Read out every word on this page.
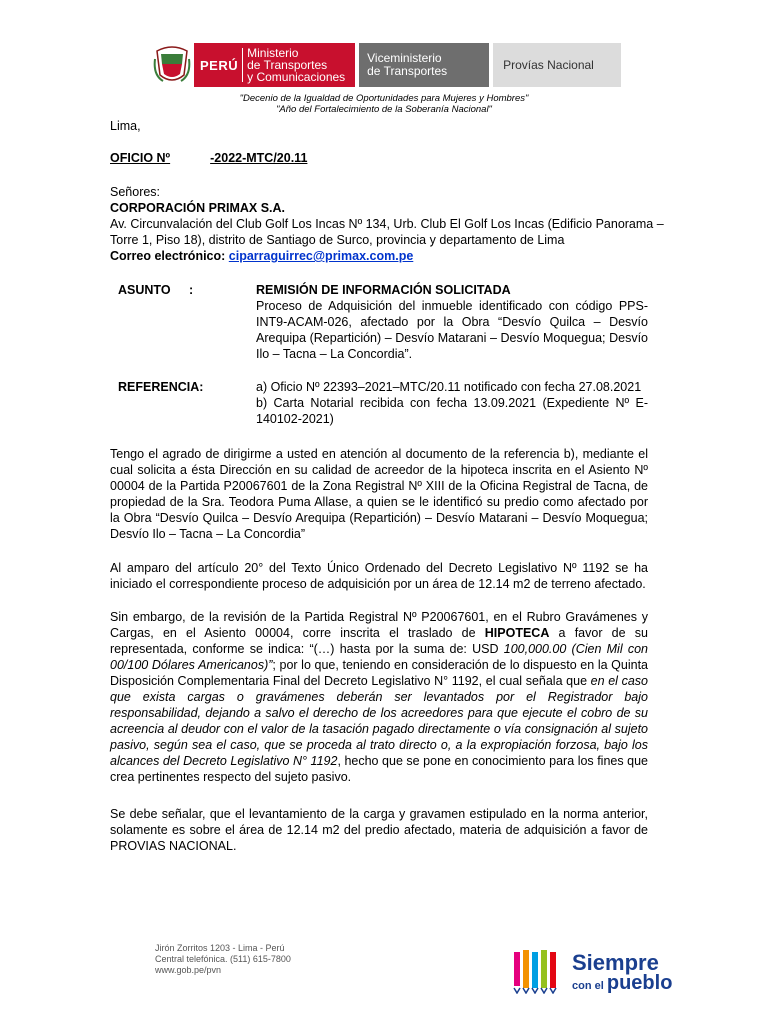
PERÚ
Ministerio
de Transportes
y Comunicaciones
Viceministerio
de Transportes	Provías Nacional
"Decenio de la Igualdad de Oportunidades para Mujeres y Hombres"
"Año del Fortalecimiento de la Soberanía Nacional"
Lima,
OFICIO Nº	-2022-MTC/20.11
Señores:
CORPORACIÓN PRIMAX S.A.
Av. Circunvalación del Club Golf Los Incas Nº 134, Urb. Club El Golf Los Incas (Edificio Panorama –
Torre 1, Piso 18), distrito de Santiago de Surco, provincia y departamento de Lima
Correo electrónico: ciparraguirrec@primax.com.pe
ASUNTO :	REMISIÓN DE INFORMACIÓN SOLICITADA
Proceso de Adquisición del inmueble identificado con código PPS-INT9-ACAM-026, afectado por la Obra “Desvío Quilca – Desvío Arequipa (Repartición) – Desvío Matarani – Desvío Moquegua; Desvío Ilo – Tacna – La Concordia”.
REFERENCIA:	a) Oficio Nº 22393–2021–MTC/20.11 notificado con fecha 27.08.2021
b) Carta Notarial recibida con fecha 13.09.2021 (Expediente Nº E-140102-2021)
Tengo el agrado de dirigirme a usted en atención al documento de la referencia b), mediante el cual solicita a ésta Dirección en su calidad de acreedor de la hipoteca inscrita en el Asiento Nº 00004 de la Partida P20067601 de la Zona Registral Nº XIII de la Oficina Registral de Tacna, de propiedad de la Sra. Teodora Puma Allase, a quien se le identificó su predio como afectado por la Obra “Desvío Quilca – Desvío Arequipa (Repartición) – Desvío Matarani – Desvío Moquegua; Desvío Ilo – Tacna – La Concordia”
Al amparo del artículo 20° del Texto Único Ordenado del Decreto Legislativo Nº 1192 se ha iniciado el correspondiente proceso de adquisición por un área de 12.14 m2 de terreno afectado.
Sin embargo, de la revisión de la Partida Registral Nº P20067601, en el Rubro Gravámenes y Cargas, en el Asiento 00004, corre inscrita el traslado de HIPOTECA a favor de su representada, conforme se indica: “(…) hasta por la suma de: USD 100,000.00 (Cien Mil con 00/100 Dólares Americanos)”; por lo que, teniendo en consideración de lo dispuesto en la Quinta Disposición Complementaria Final del Decreto Legislativo N° 1192, el cual señala que en el caso que exista cargas o gravámenes deberán ser levantados por el Registrador bajo responsabilidad, dejando a salvo el derecho de los acreedores para que ejecute el cobro de su acreencia al deudor con el valor de la tasación pagado directamente o vía consignación al sujeto pasivo, según sea el caso, que se proceda al trato directo o, a la expropiación forzosa, bajo los alcances del Decreto Legislativo N° 1192, hecho que se pone en conocimiento para los fines que crea pertinentes respecto del sujeto pasivo.
Se debe señalar, que el levantamiento de la carga y gravamen estipulado en la norma anterior, solamente es sobre el área de 12.14 m2 del predio afectado, materia de adquisición a favor de PROVIAS NACIONAL.
Jirón Zorritos 1203 - Lima - Perú
Central telefónica. (511) 615-7800
www.gob.pe/pvn	Siempre
con el pueblo
